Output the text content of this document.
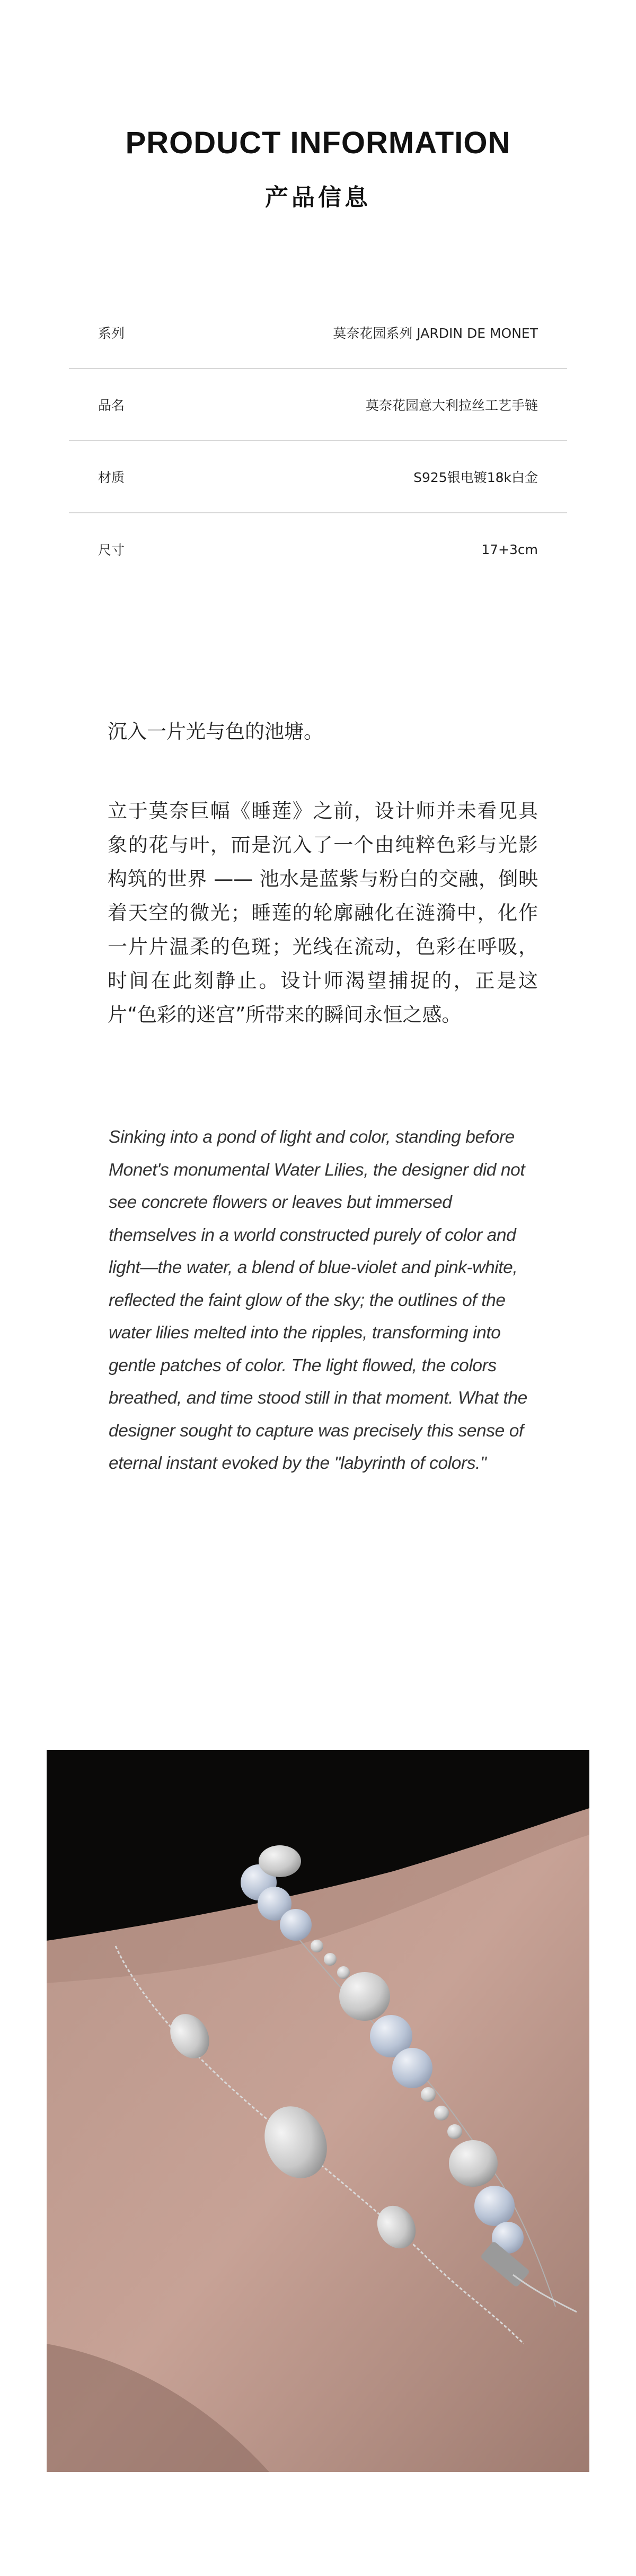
PRODUCT INFORMATION
产品信息
系列	莫奈花园系列 JARDIN DE MONET
品名	莫奈花园意大利拉丝工艺手链
材质	S925银电镀18k白金
尺寸	17+3cm
沉入一片光与色的池塘。
立于莫奈巨幅《睡莲》之前，设计师并未看见具象的花与叶，而是沉入了一个由纯粹色彩与光影构筑的世界 —— 池水是蓝紫与粉白的交融，倒映着天空的微光；睡莲的轮廓融化在涟漪中，化作一片片温柔的色斑；光线在流动，色彩在呼吸，时间在此刻静止。设计师渴望捕捉的，正是这片“色彩的迷宫”所带来的瞬间永恒之感。
Sinking into a pond of light and color, standing before Monet's monumental Water Lilies, the designer did not see concrete flowers or leaves but immersed themselves in a world constructed purely of color and light—the water, a blend of blue-violet and pink-white, reflected the faint glow of the sky; the outlines of the water lilies melted into the ripples, transforming into gentle patches of color. The light flowed, the colors breathed, and time stood still in that moment. What the designer sought to capture was precisely this sense of eternal instant evoked by the "labyrinth of colors."
